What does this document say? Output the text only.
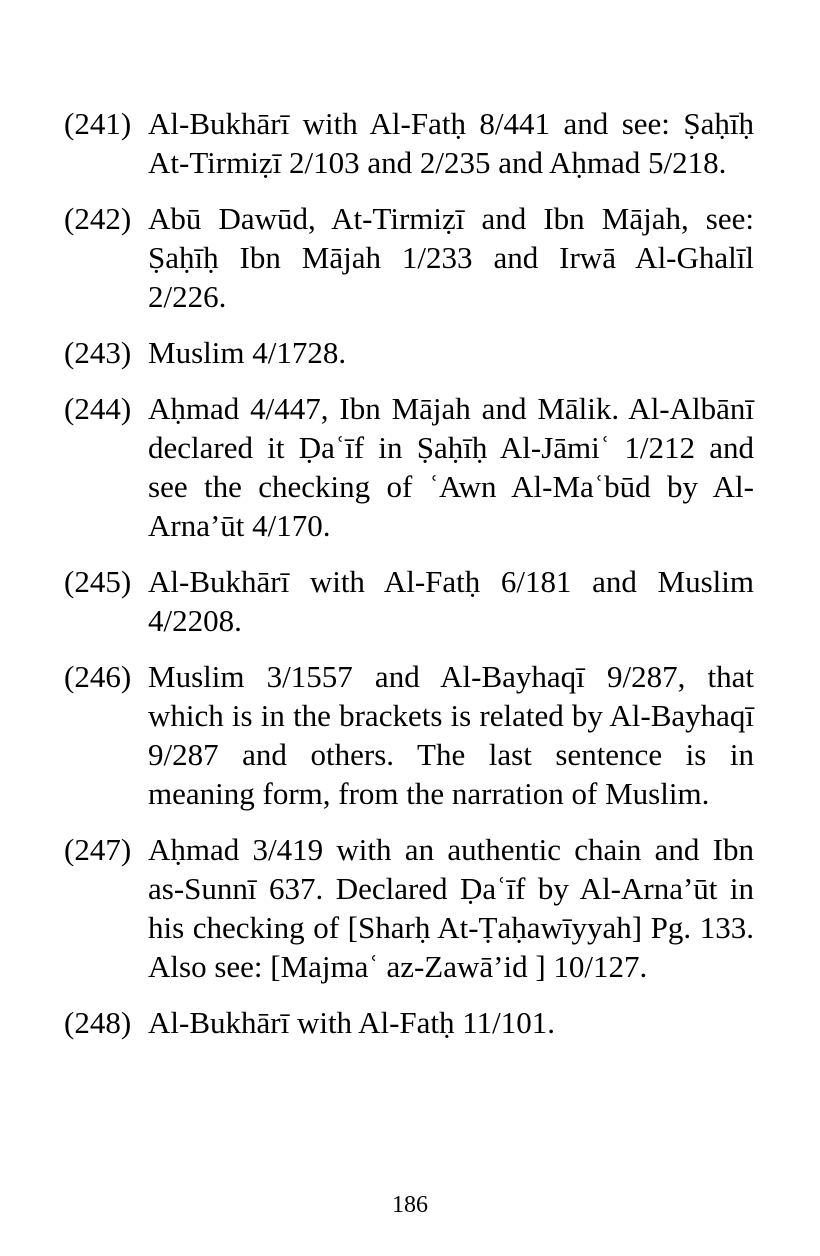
(241) Al-Bukhārī with Al-Fatḥ 8/441 and see: Ṣaḥīḥ At-Tirmiẓī 2/103 and 2/235 and Aḥmad 5/218.
(242) Abū Dawūd, At-Tirmiẓī and Ibn Mājah, see: Ṣaḥīḥ Ibn Mājah 1/233 and Irwā Al-Ghalīl 2/226.
(243) Muslim 4/1728.
(244) Aḥmad 4/447, Ibn Mājah and Mālik. Al-Albānī declared it Ḍaʿīf in Ṣaḥīḥ Al-Jāmiʿ 1/212 and see the checking of ʿAwn Al-Maʿbūd by Al-Arna’ūt 4/170.
(245) Al-Bukhārī with Al-Fatḥ 6/181 and Muslim 4/2208.
(246) Muslim 3/1557 and Al-Bayhaqī 9/287, that which is in the brackets is related by Al-Bayhaqī 9/287 and others. The last sentence is in meaning form, from the narration of Muslim.
(247) Aḥmad 3/419 with an authentic chain and Ibn as-Sunnī 637. Declared Ḍaʿīf by Al-Arna’ūt in his checking of [Sharḥ At-Ṭaḥawīyyah] Pg. 133. Also see: [Majmaʿ az-Zawā’id ] 10/127.
(248) Al-Bukhārī with Al-Fatḥ 11/101.
186
